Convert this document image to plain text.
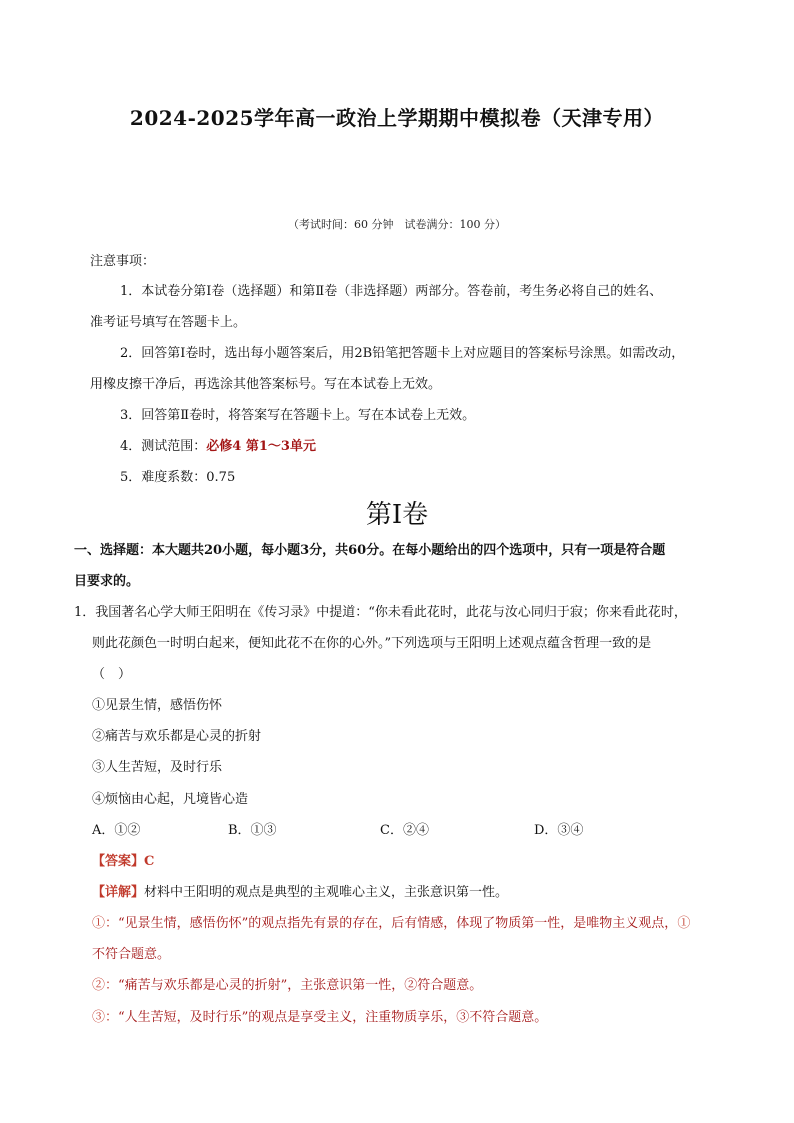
2024-2025学年高一政治上学期期中模拟卷（天津专用）
（考试时间：60 分钟　试卷满分：100 分）
注意事项：
1．本试卷分第Ⅰ卷（选择题）和第Ⅱ卷（非选择题）两部分。答卷前，考生务必将自己的姓名、
准考证号填写在答题卡上。
2．回答第Ⅰ卷时，选出每小题答案后，用2B铅笔把答题卡上对应题目的答案标号涂黑。如需改动，
用橡皮擦干净后，再选涂其他答案标号。写在本试卷上无效。
3．回答第Ⅱ卷时，将答案写在答题卡上。写在本试卷上无效。
4．测试范围：必修4 第1～3单元
5．难度系数：0.75
第Ⅰ卷
一、选择题：本大题共20小题，每小题3分，共60分。在每小题给出的四个选项中，只有一项是符合题
目要求的。
1．我国著名心学大师王阳明在《传习录》中提道：“你未看此花时，此花与汝心同归于寂；你来看此花时，
则此花颜色一时明白起来，便知此花不在你的心外。”下列选项与王阳明上述观点蕴含哲理一致的是
（　）
①见景生情，感悟伤怀
②痛苦与欢乐都是心灵的折射
③人生苦短，及时行乐
④烦恼由心起，凡境皆心造
A．①②	B．①③	C．②④	D．③④
【答案】C
【详解】材料中王阳明的观点是典型的主观唯心主义，主张意识第一性。
①：“见景生情，感悟伤怀”的观点指先有景的存在，后有情感，体现了物质第一性，是唯物主义观点，①
不符合题意。
②：“痛苦与欢乐都是心灵的折射”，主张意识第一性，②符合题意。
③：“人生苦短，及时行乐”的观点是享受主义，注重物质享乐，③不符合题意。
